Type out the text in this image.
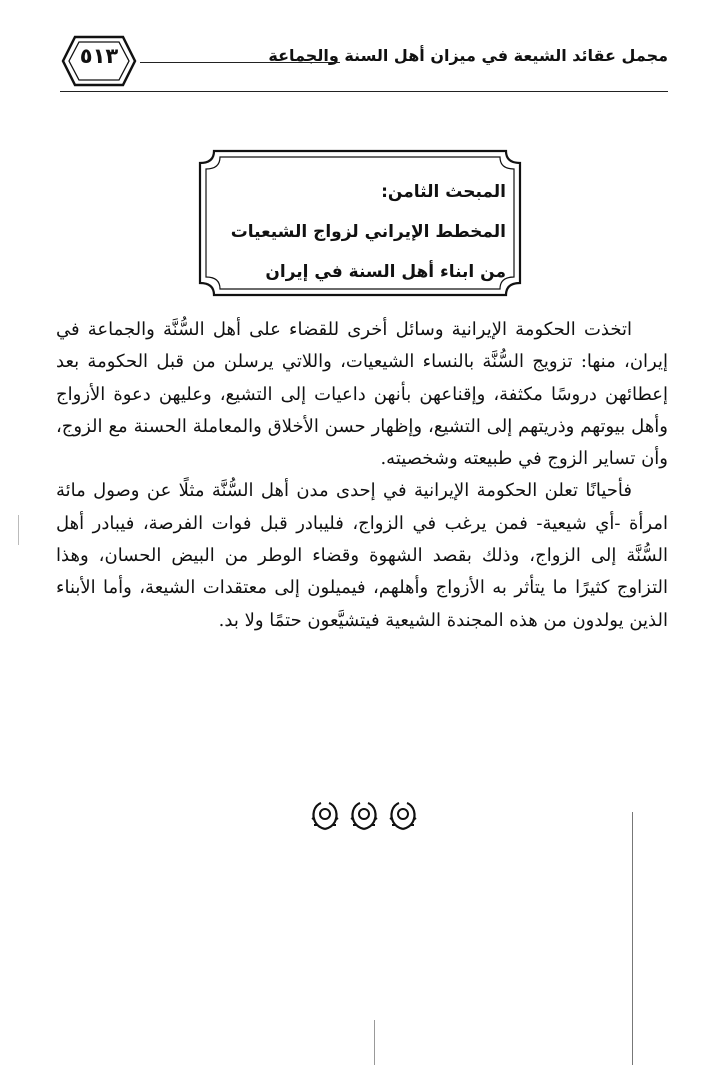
مجمل عقائد الشيعة في ميزان أهل السنة والجماعة
٥١٣
المبحث الثامن:
المخطط الإيراني لزواج الشيعيات
من ابناء أهل السنة في إيران

اتخذت الحكومة الإيرانية وسائل أخرى للقضاء على أهل السُّنَّة والجماعة في إيران، منها: تزويج السُّنَّة بالنساء الشيعيات، واللاتي يرسلن من قبل الحكومة بعد إعطائهن دروسًا مكثفة، وإقناعهن بأنهن داعيات إلى التشيع، وعليهن دعوة الأزواج وأهل بيوتهم وذريتهم إلى التشيع، وإظهار حسن الأخلاق والمعاملة الحسنة مع الزوج، وأن تساير الزوج في طبيعته وشخصيته.

فأحيانًا تعلن الحكومة الإيرانية في إحدى مدن أهل السُّنَّة مثلًا عن وصول مائة امرأة -أي شيعية- فمن يرغب في الزواج، فليبادر قبل فوات الفرصة، فيبادر أهل السُّنَّة إلى الزواج، وذلك بقصد الشهوة وقضاء الوطر من البيض الحسان، وهذا التزاوج كثيرًا ما يتأثر به الأزواج وأهلهم، فيميلون إلى معتقدات الشيعة، وأما الأبناء الذين يولدون من هذه المجندة الشيعية فيتشيَّعون حتمًا ولا بد.
